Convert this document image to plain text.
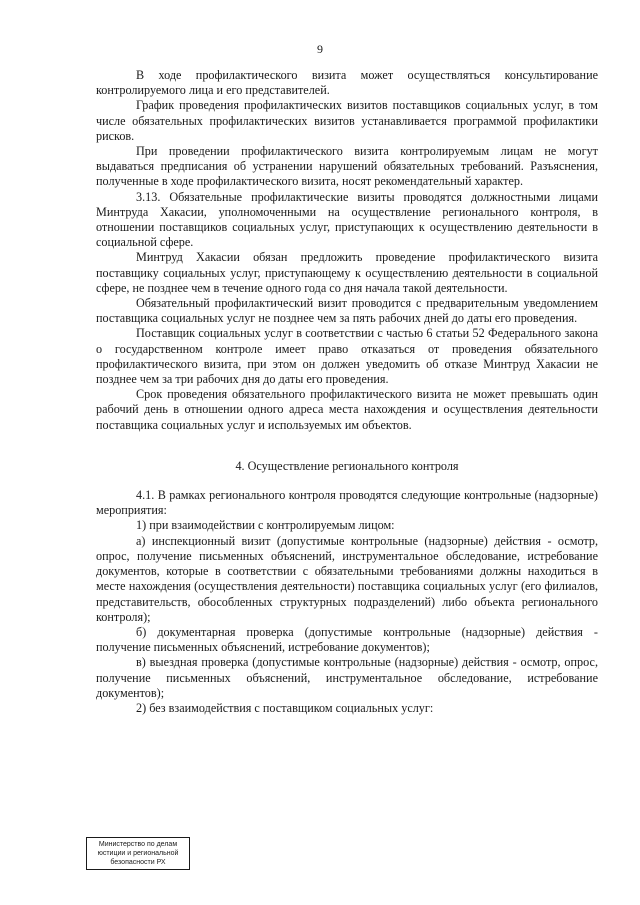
9

В ходе профилактического визита может осуществляться консультирование контролируемого лица и его представителей.

График проведения профилактических визитов поставщиков социальных услуг, в том числе обязательных профилактических визитов устанавливается программой профилактики рисков.

При проведении профилактического визита контролируемым лицам не могут выдаваться предписания об устранении нарушений обязательных требований. Разъяснения, полученные в ходе профилактического визита, носят рекомендательный характер.

3.13. Обязательные профилактические визиты проводятся должностными лицами Минтруда Хакасии, уполномоченными на осуществление регионального контроля, в отношении поставщиков социальных услуг, приступающих к осуществлению деятельности в социальной сфере.

Минтруд Хакасии обязан предложить проведение профилактического визита поставщику социальных услуг, приступающему к осуществлению деятельности в социальной сфере, не позднее чем в течение одного года со дня начала такой деятельности.

Обязательный профилактический визит проводится с предварительным уведомлением поставщика социальных услуг не позднее чем за пять рабочих дней до даты его проведения.

Поставщик социальных услуг в соответствии с частью 6 статьи 52 Федерального закона о государственном контроле имеет право отказаться от проведения обязательного профилактического визита, при этом он должен уведомить об отказе Минтруд Хакасии не позднее чем за три рабочих дня до даты его проведения.

Срок проведения обязательного профилактического визита не может превышать один рабочий день в отношении одного адреса места нахождения и осуществления деятельности поставщика социальных услуг и используемых им объектов.

4. Осуществление регионального контроля

4.1. В рамках регионального контроля проводятся следующие контрольные (надзорные) мероприятия:

1) при взаимодействии с контролируемым лицом:

а) инспекционный визит (допустимые контрольные (надзорные) действия - осмотр, опрос, получение письменных объяснений, инструментальное обследование, истребование документов, которые в соответствии с обязательными требованиями должны находиться в месте нахождения (осуществления деятельности) поставщика социальных услуг (его филиалов, представительств, обособленных структурных подразделений) либо объекта регионального контроля);

б) документарная проверка (допустимые контрольные (надзорные) действия - получение письменных объяснений, истребование документов);

в) выездная проверка (допустимые контрольные (надзорные) действия - осмотр, опрос, получение письменных объяснений, инструментальное обследование, истребование документов);

2) без взаимодействия с поставщиком социальных услуг:

Министерство по делам
юстиции и региональной
безопасности РХ
